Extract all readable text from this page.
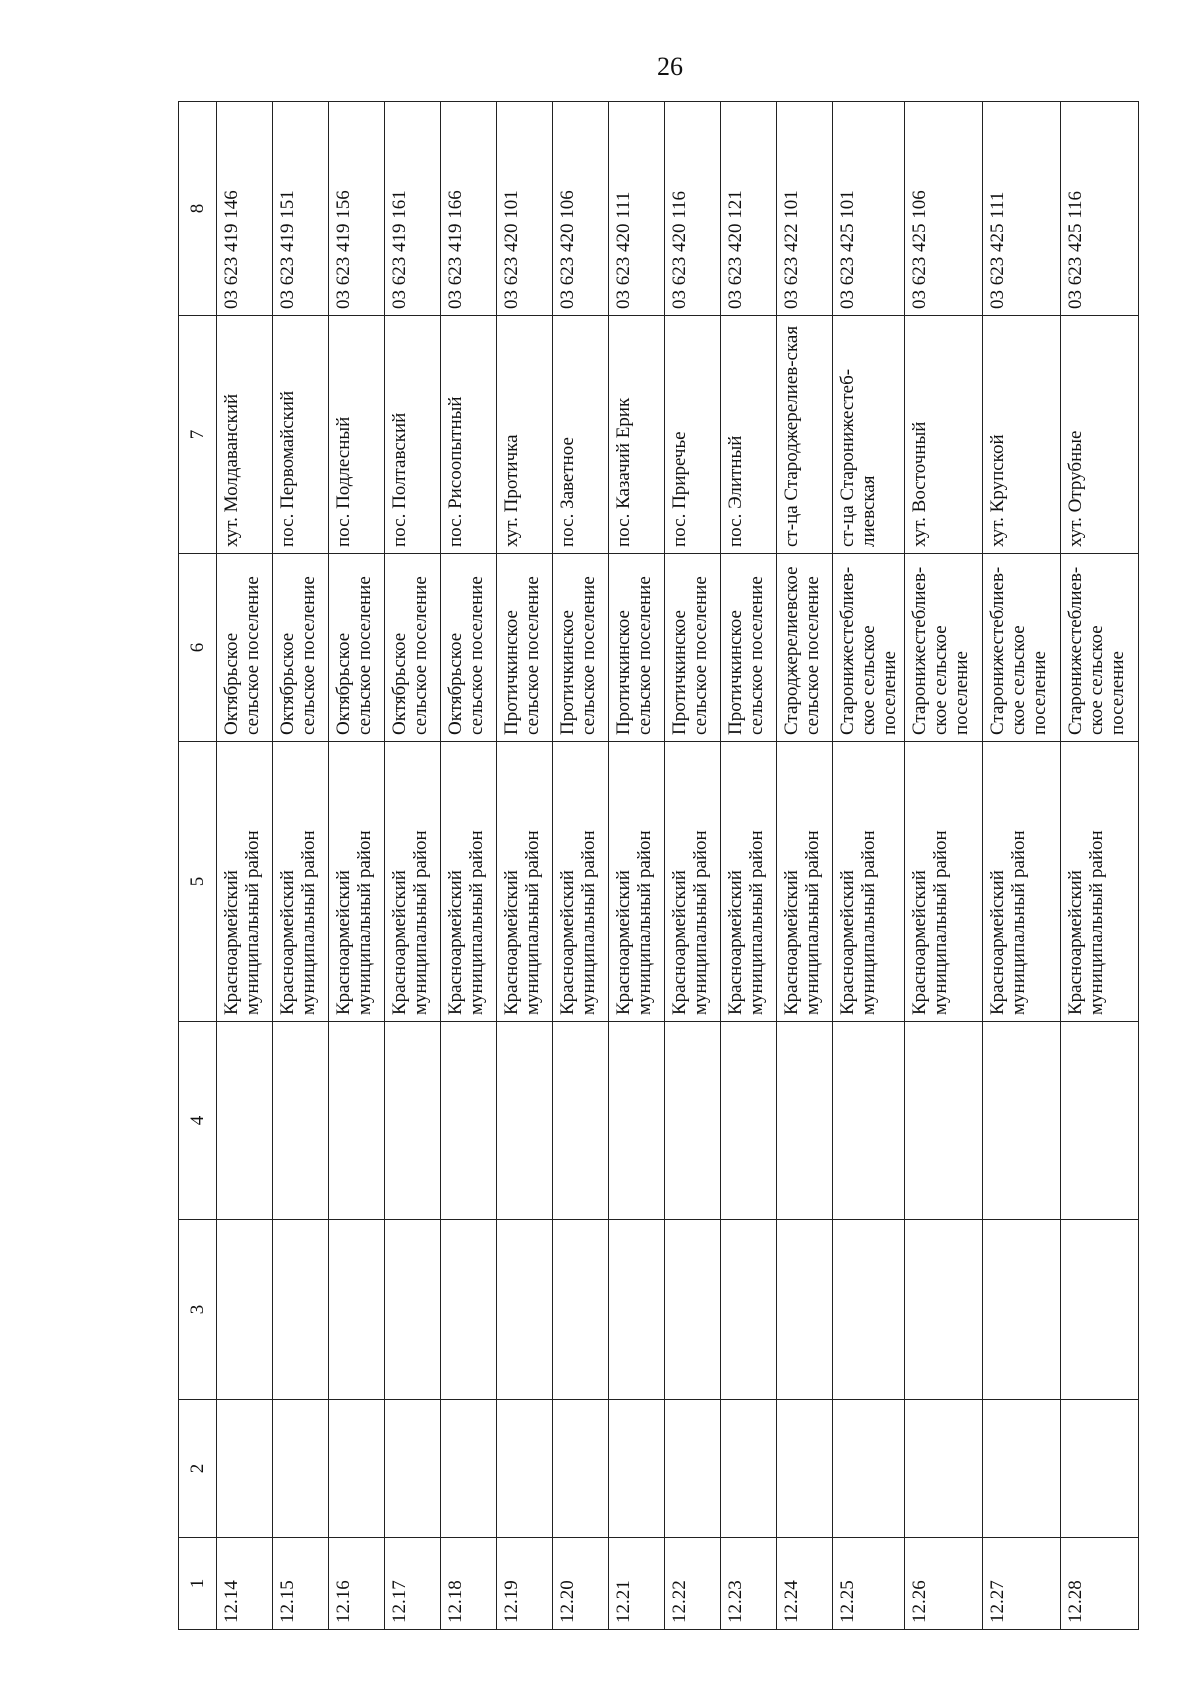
26
1	2	3	4	5	6	7	8
12.14				Красноармейский муниципальный район	Октябрьское сельское поселение	хут. Молдаванский	03 623 419 146
12.15				Красноармейский муниципальный район	Октябрьское сельское поселение	пос. Первомайский	03 623 419 151
12.16				Красноармейский муниципальный район	Октябрьское сельское поселение	пос. Подлесный	03 623 419 156
12.17				Красноармейский муниципальный район	Октябрьское сельское поселение	пос. Полтавский	03 623 419 161
12.18				Красноармейский муниципальный район	Октябрьское сельское поселение	пос. Рисоопытный	03 623 419 166
12.19				Красноармейский муниципальный район	Протичкинское сельское поселение	хут. Протичка	03 623 420 101
12.20				Красноармейский муниципальный район	Протичкинское сельское поселение	пос. Заветное	03 623 420 106
12.21				Красноармейский муниципальный район	Протичкинское сельское поселение	пос. Казачий Ерик	03 623 420 111
12.22				Красноармейский муниципальный район	Протичкинское сельское поселение	пос. Приречье	03 623 420 116
12.23				Красноармейский муниципальный район	Протичкинское сельское поселение	пос. Элитный	03 623 420 121
12.24				Красноармейский муниципальный район	Староджерелиевское сельское поселение	ст-ца Староджерелиев-ская	03 623 422 101
12.25				Красноармейский муниципальный район	Старонижестеблиев-ское сельское поселение	ст-ца Старонижестеб-лиевская	03 623 425 101
12.26				Красноармейский муниципальный район	Старонижестеблиев-ское сельское поселение	хут. Восточный	03 623 425 106
12.27				Красноармейский муниципальный район	Старонижестеблиев-ское сельское поселение	хут. Крупской	03 623 425 111
12.28				Красноармейский муниципальный район	Старонижестеблиев-ское сельское поселение	хут. Отрубные	03 623 425 116
